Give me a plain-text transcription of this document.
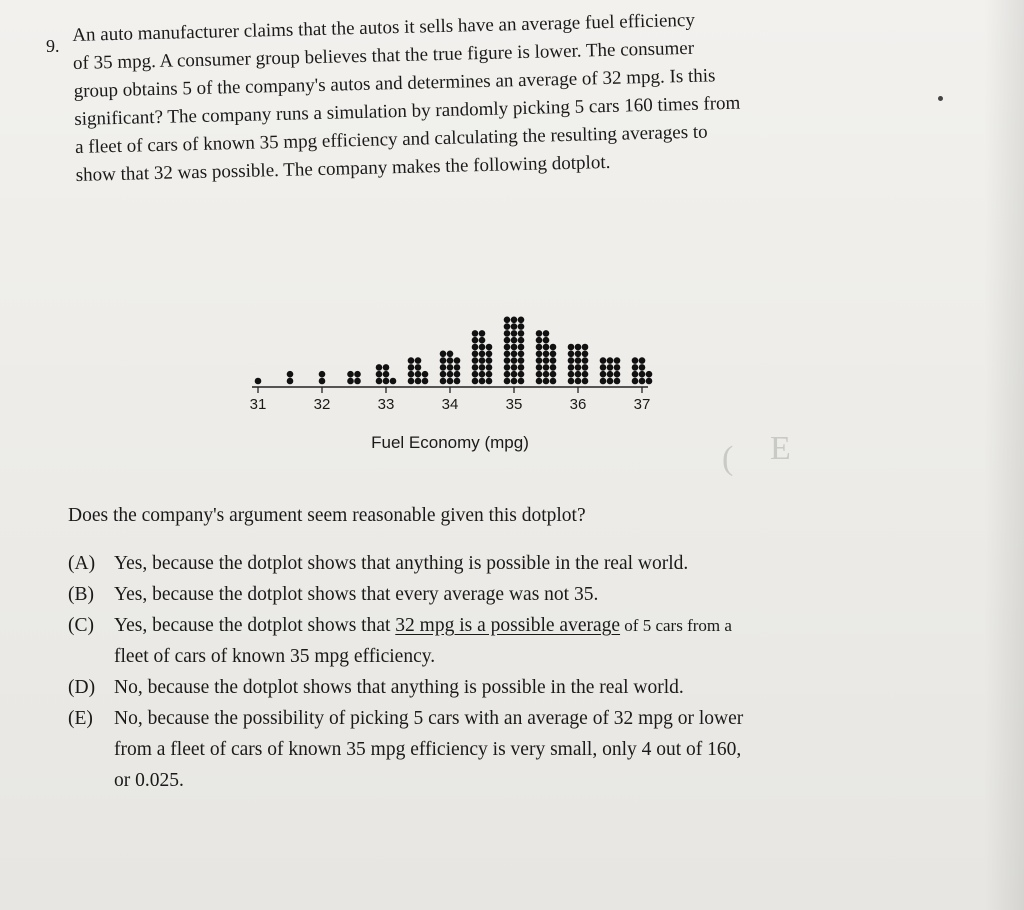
9.
An auto manufacturer claims that the autos it sells have an average fuel efficiency
of 35 mpg. A consumer group believes that the true figure is lower. The consumer
group obtains 5 of the company's autos and determines an average of 32 mpg. Is this
significant? The company runs a simulation by randomly picking 5 cars 160 times from
a fleet of cars of known 35 mpg efficiency and calculating the resulting averages to
show that 32 was possible. The company makes the following dotplot.
31	32	33	34	35	36	37
Fuel Economy (mpg)
Does the company's argument seem reasonable given this dotplot?
(A) Yes, because the dotplot shows that anything is possible in the real world.
(B)	Yes, because the dotplot shows that every average was not 35.
(C)	Yes, because the dotplot shows that 32 mpg is a possible average of 5 cars from a
fleet of cars of known 35 mpg efficiency.
(D) No, because the dotplot shows that anything is possible in the real world.
(E)	No, because the possibility of picking 5 cars with an average of 32 mpg or lower
from a fleet of cars of known 35 mpg efficiency is very small, only 4 out of 160,
or 0.025.
( E
